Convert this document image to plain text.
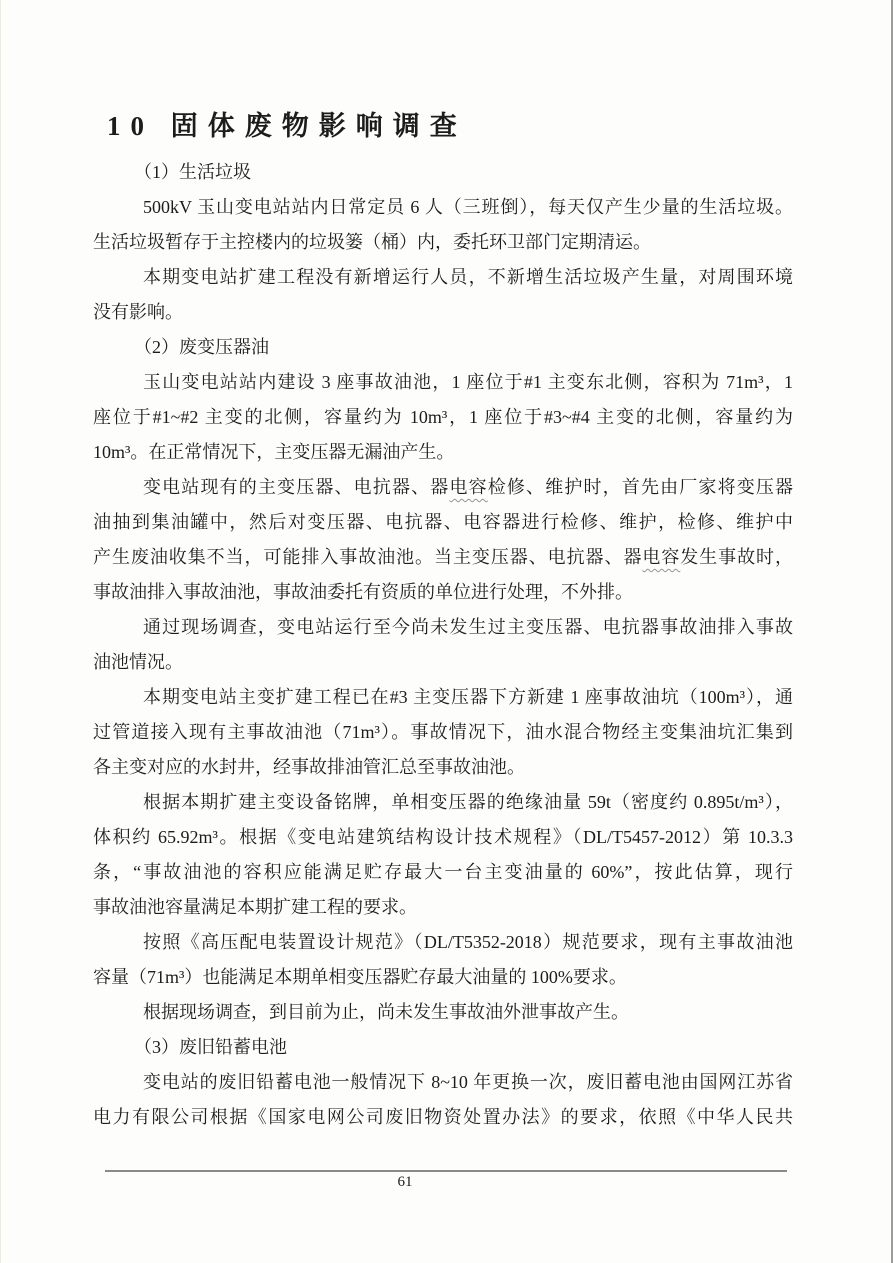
10 固体废物影响调查
（1）生活垃圾
500kV 玉山变电站站内日常定员 6 人（三班倒），每天仅产生少量的生活垃圾。
生活垃圾暂存于主控楼内的垃圾篓（桶）内，委托环卫部门定期清运。
本期变电站扩建工程没有新增运行人员，不新增生活垃圾产生量，对周围环境
没有影响。
（2）废变压器油
玉山变电站站内建设 3 座事故油池，1 座位于#1 主变东北侧，容积为 71m³，1
座位于#1~#2 主变的北侧，容量约为 10m³，1 座位于#3~#4 主变的北侧，容量约为
10m³。在正常情况下，主变压器无漏油产生。
变电站现有的主变压器、电抗器、器电容检修、维护时，首先由厂家将变压器
油抽到集油罐中，然后对变压器、电抗器、电容器进行检修、维护，检修、维护中
产生废油收集不当，可能排入事故油池。当主变压器、电抗器、器电容发生事故时，
事故油排入事故油池，事故油委托有资质的单位进行处理，不外排。
通过现场调查，变电站运行至今尚未发生过主变压器、电抗器事故油排入事故
油池情况。
本期变电站主变扩建工程已在#3 主变压器下方新建 1 座事故油坑（100m³），通
过管道接入现有主事故油池（71m³）。事故情况下，油水混合物经主变集油坑汇集到
各主变对应的水封井，经事故排油管汇总至事故油池。
根据本期扩建主变设备铭牌，单相变压器的绝缘油量 59t（密度约 0.895t/m³），
体积约 65.92m³。根据《变电站建筑结构设计技术规程》（DL/T5457-2012）第 10.3.3
条，“事故油池的容积应能满足贮存最大一台主变油量的 60%”，按此估算，现行
事故油池容量满足本期扩建工程的要求。
按照《高压配电装置设计规范》（DL/T5352-2018）规范要求，现有主事故油池
容量（71m³）也能满足本期单相变压器贮存最大油量的 100%要求。
根据现场调查，到目前为止，尚未发生事故油外泄事故产生。
（3）废旧铅蓄电池
变电站的废旧铅蓄电池一般情况下 8~10 年更换一次，废旧蓄电池由国网江苏省
电力有限公司根据《国家电网公司废旧物资处置办法》的要求，依照《中华人民共
61
